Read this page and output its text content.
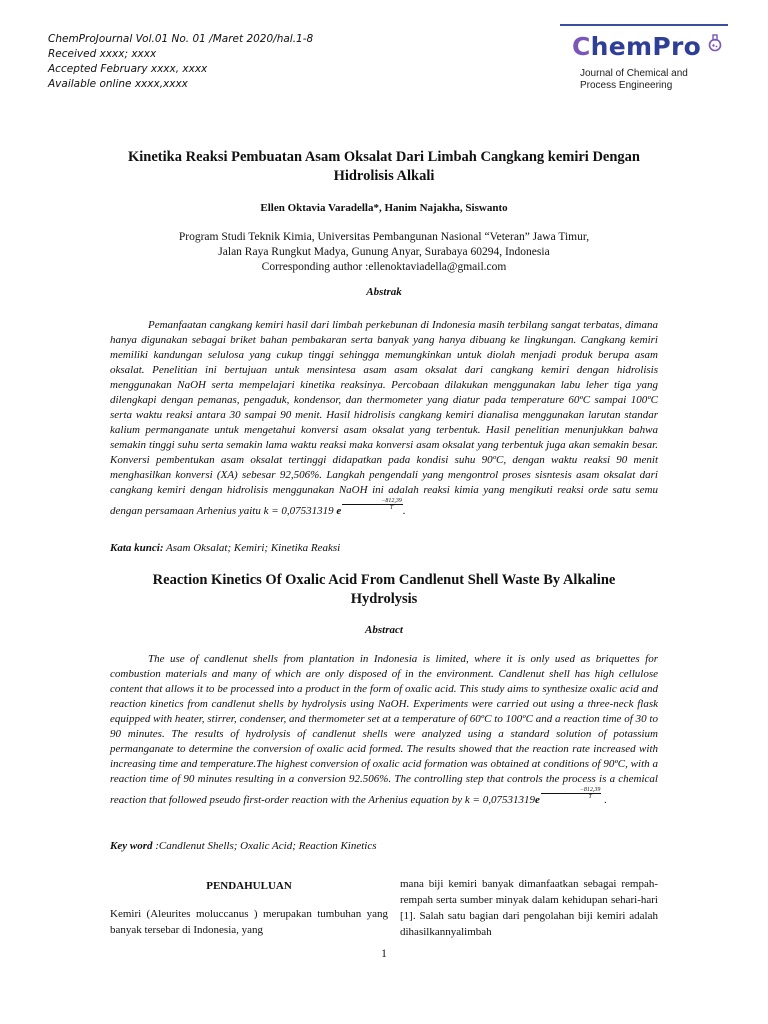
ChemProJournal Vol.01 No. 01 /Maret 2020/hal.1-8
Received xxxx; xxxx
Accepted February xxxx, xxxx
Available online xxxx,xxxx
ChemPro
Journal of Chemical and
Process Engineering
Kinetika Reaksi Pembuatan Asam Oksalat Dari Limbah Cangkang kemiri Dengan
Hidrolisis Alkali
Ellen Oktavia Varadella*, Hanim Najakha, Siswanto
Program Studi Teknik Kimia, Universitas Pembangunan Nasional “Veteran” Jawa Timur,
Jalan Raya Rungkut Madya, Gunung Anyar, Surabaya 60294, Indonesia
Corresponding author :ellenoktaviadella@gmail.com
Abstrak

Pemanfaatan cangkang kemiri hasil dari limbah perkebunan di Indonesia masih terbilang sangat terbatas, dimana hanya digunakan sebagai briket bahan pembakaran serta banyak yang hanya dibuang ke lingkungan. Cangkang kemiri memiliki kandungan selulosa yang cukup tinggi sehingga memungkinkan untuk diolah menjadi produk berupa asam oksalat. Penelitian ini bertujuan untuk mensintesa asam asam oksalat dari cangkang kemiri dengan hidrolisis menggunakan NaOH serta mempelajari kinetika reaksinya. Percobaan dilakukan menggunakan labu leher tiga yang dilengkapi dengan pemanas, pengaduk, kondensor, dan thermometer yang diatur pada temperature 60ºC sampai 100ºC serta waktu reaksi antara 30 sampai 90 menit. Hasil hidrolisis cangkang kemiri dianalisa menggunakan larutan standar kalium permanganate untuk mengetahui konversi asam oksalat yang terbentuk. Hasil penelitian menunjukkan bahwa semakin tinggi suhu serta semakin lama waktu reaksi maka konversi asam oksalat yang terbentuk juga akan semakin besar. Konversi pembentukan asam oksalat tertinggi didapatkan pada kondisi suhu 90ºC, dengan waktu reaksi 90 menit menghasilkan konversi (XA) sebesar 92,506%. Langkah pengendali yang mengontrol proses sisntesis asam oksalat dari cangkang kemiri dengan hidrolisis menggunakan NaOH ini adalah reaksi kimia yang mengikuti reaksi orde satu semu dengan persamaan Arhenius yaitu k = 0,07531319 e $\frac{-812,39}{T}$ .

Kata kunci: Asam Oksalat; Kemiri; Kinetika Reaksi
Reaction Kinetics Of Oxalic Acid From Candlenut Shell Waste By Alkaline
Hydrolysis
Abstract

The use of candlenut shells from plantation in Indonesia is limited, where it is only used as briquettes for combustion materials and many of which are only disposed of in the environment. Candlenut shell has high cellulose content that allows it to be processed into a product in the form of oxalic acid. This study aims to synthesize oxalic acid and reaction kinetics from candlenut shells by hydrolysis using NaOH. Experiments were carried out using a three-neck flask equipped with heater, stirrer, condenser, and thermometer set at a temperature of 60ºC to 100ºC and a reaction time of 30 to 90 minutes. The results of hydrolysis of candlenut shells were analyzed using a standard solution of potassium permanganate to determine the conversion of oxalic acid formed. The results showed that the reaction rate increased with increasing time and temperature.The highest conversion of oxalic acid formation was obtained at conditions of 90ºC, with a reaction time of 90 minutes resulting in a conversion 92.506%. The controlling step that controls the process is a chemical reaction that followed pseudo first-order reaction with the Arhenius equation by $k = 0,07531319e \frac{-812,39}{T}$ .

Key word :Candlenut Shells; Oxalic Acid; Reaction Kinetics
PENDAHULUAN

Kemiri (Aleurites moluccanus ) merupakan tumbuhan yang banyak tersebar di Indonesia, yang

mana biji kemiri banyak dimanfaatkan sebagai rempah-rempah serta sumber minyak dalam kehidupan sehari-hari [1]. Salah satu bagian dari pengolahan biji kemiri adalah dihasilkannyalimbah

1
